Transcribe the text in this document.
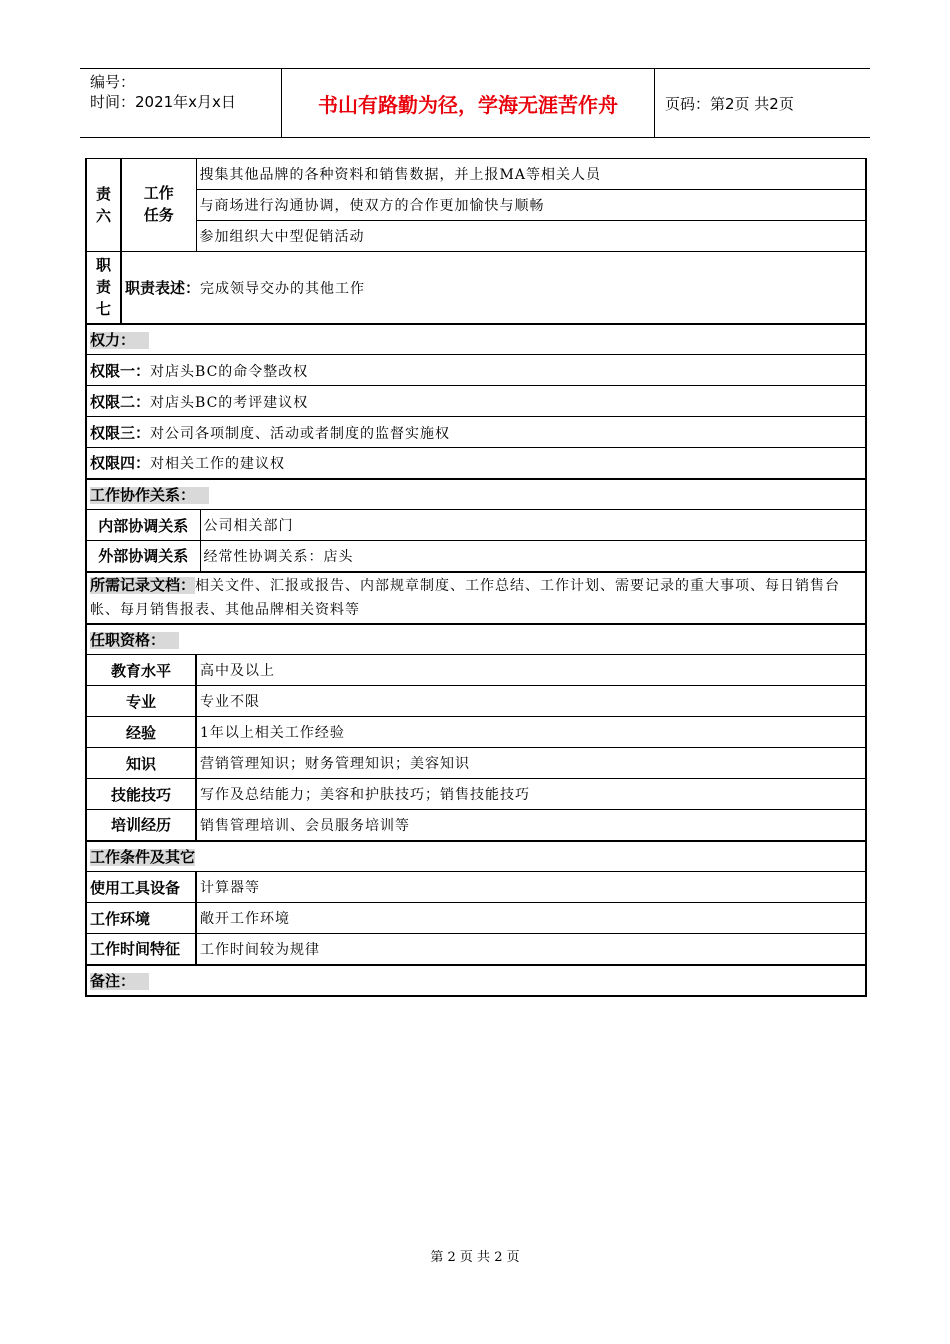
编号：
时间：2021年x月x日	书山有路勤为径，学海无涯苦作舟	页码：第2页 共2页
责六	工作任务	搜集其他品牌的各种资料和销售数据，并上报MA等相关人员	
		与商场进行沟通协调，使双方的合作更加愉快与顺畅	
		参加组织大中型促销活动	
职责七	职责表述：完成领导交办的其他工作		
权力：			
权限一：对店头BC的命令整改权			
权限二：对店头BC的考评建议权			
权限三：对公司各项制度、活动或者制度的监督实施权			
权限四：对相关工作的建议权			
工作协作关系：			
内部协调关系			公司相关部门
外部协调关系			经常性协调关系：店头
所需记录文档：相关文件、汇报或报告、内部规章制度、工作总结、工作计划、需要记录的重大事项、每日销售台帐、每月销售报表、其他品牌相关资料等			
任职资格：			
教育水平		高中及以上	
专业		专业不限	
经验		1年以上相关工作经验	
知识		营销管理知识；财务管理知识；美容知识	
技能技巧		写作及总结能力；美容和护肤技巧；销售技能技巧	
培训经历		销售管理培训、会员服务培训等	
工作条件及其它			
使用工具设备		计算器等	
工作环境		敞开工作环境	
工作时间特征		工作时间较为规律	
备注：			
第 2 页 共 2 页
